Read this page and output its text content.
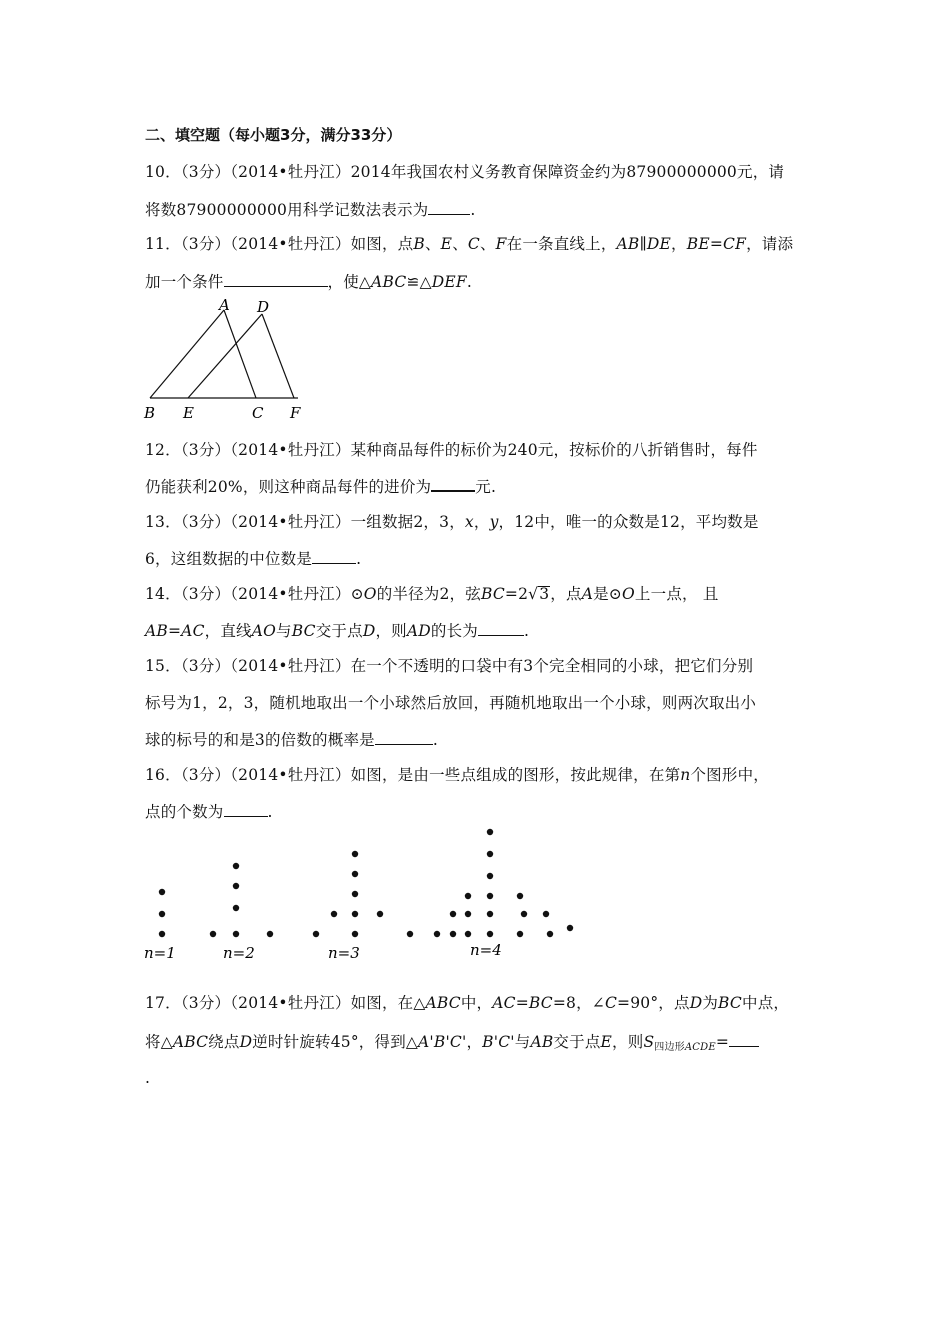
二、填空题（每小题3分，满分33分）
10．（3分）（2014•牡丹江）2014年我国农村义务教育保障资金约为87900000000元，请
将数87900000000用科学记数法表示为	.
11．（3分）（2014•牡丹江）如图，点B、E、C、F在一条直线上，AB∥DE，BE=CF，请添
加一个条件	，使△ABC≌△DEF.
A D
B E	C F
12．（3分）（2014•牡丹江）某种商品每件的标价为240元，按标价的八折销售时，每件
仍能获利20%，则这种商品每件的进价为	元.
13．（3分）（2014•牡丹江）一组数据2，3，x，y，12中，唯一的众数是12，平均数是
6，这组数据的中位数是	.
14．（3分）（2014•牡丹江）⊙O的半径为2，弦BC=2√3，点A是⊙O上一点， 且
AB=AC，直线AO与BC交于点D，则AD的长为	.
15．（3分）（2014•牡丹江）在一个不透明的口袋中有3个完全相同的小球，把它们分别
标号为1，2，3，随机地取出一个小球然后放回，再随机地取出一个小球，则两次取出小
球的标号的和是3的倍数的概率是	.
16．（3分）（2014•牡丹江）如图，是由一些点组成的图形，按此规律，在第n个图形中，
点的个数为	.
n=1	n=2	n=3	n=4
17．（3分）（2014•牡丹江）如图，在△ABC中，AC=BC=8，∠C=90°，点D为BC中点，
将△ABC绕点D逆时针旋转45°，得到△A'B'C'，B'C'与AB交于点E，则$S_{四边形ACDE}=$
.
